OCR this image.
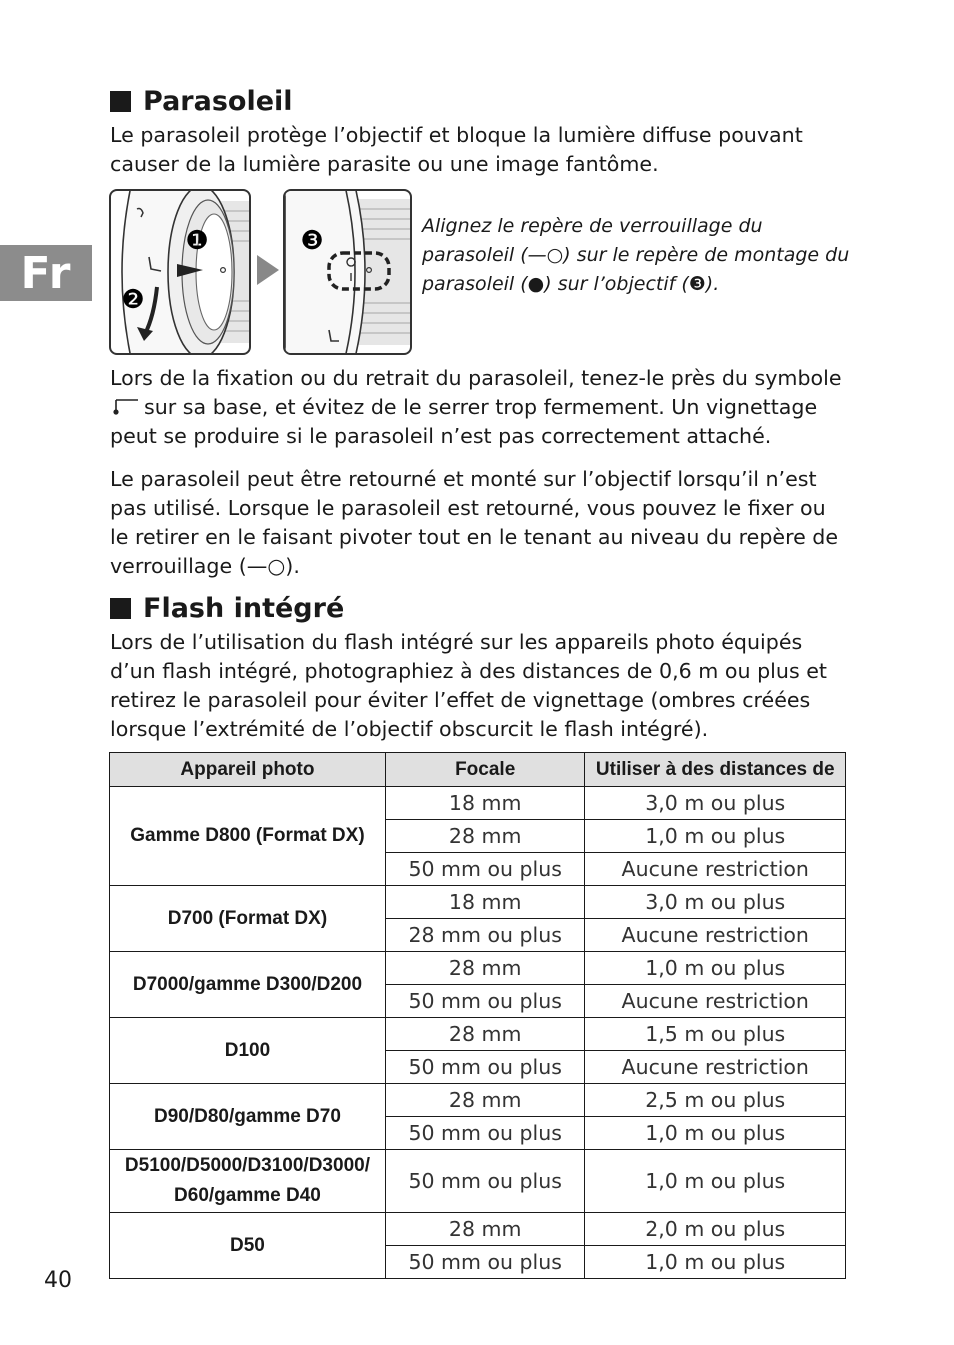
Fr
Parasoleil

Le parasoleil protège l’objectif et bloque la lumière diffuse pouvant causer de la lumière parasite ou une image fantôme.

❶
❷
❸	Alignez le repère de verrouillage du parasoleil (—○) sur le repère de montage du parasoleil (●) sur l’objectif (❸).

Lors de la fixation ou du retrait du parasoleil, tenez-le près du symbole
sur sa base, et évitez de le serrer trop fermement. Un vignettage peut se produire si le parasoleil n’est pas correctement attaché.

Le parasoleil peut être retourné et monté sur l’objectif lorsqu’il n’est pas utilisé. Lorsque le parasoleil est retourné, vous pouvez le fixer ou le retirer en le faisant pivoter tout en le tenant au niveau du repère de verrouillage (—○).

Flash intégré

Lors de l’utilisation du flash intégré sur les appareils photo équipés d’un flash intégré, photographiez à des distances de 0,6 m ou plus et retirez le parasoleil pour éviter l’effet de vignettage (ombres créées lorsque l’extrémité de l’objectif obscurcit le flash intégré).

Appareil photo	Focale	Utiliser à des distances de
Gamme D800 (Format DX)	18 mm	3,0 m ou plus
	28 mm	1,0 m ou plus
	50 mm ou plus	Aucune restriction
D700 (Format DX)	18 mm	3,0 m ou plus
	28 mm ou plus	Aucune restriction
D7000/gamme D300/D200	28 mm	1,0 m ou plus
	50 mm ou plus	Aucune restriction
D100	28 mm	1,5 m ou plus
	50 mm ou plus	Aucune restriction
D90/D80/gamme D70	28 mm	2,5 m ou plus
	50 mm ou plus	1,0 m ou plus
D5100/D5000/D3100/D3000/
D60/gamme D40	50 mm ou plus	1,0 m ou plus
D50	28 mm	2,0 m ou plus
	50 mm ou plus	1,0 m ou plus
40
